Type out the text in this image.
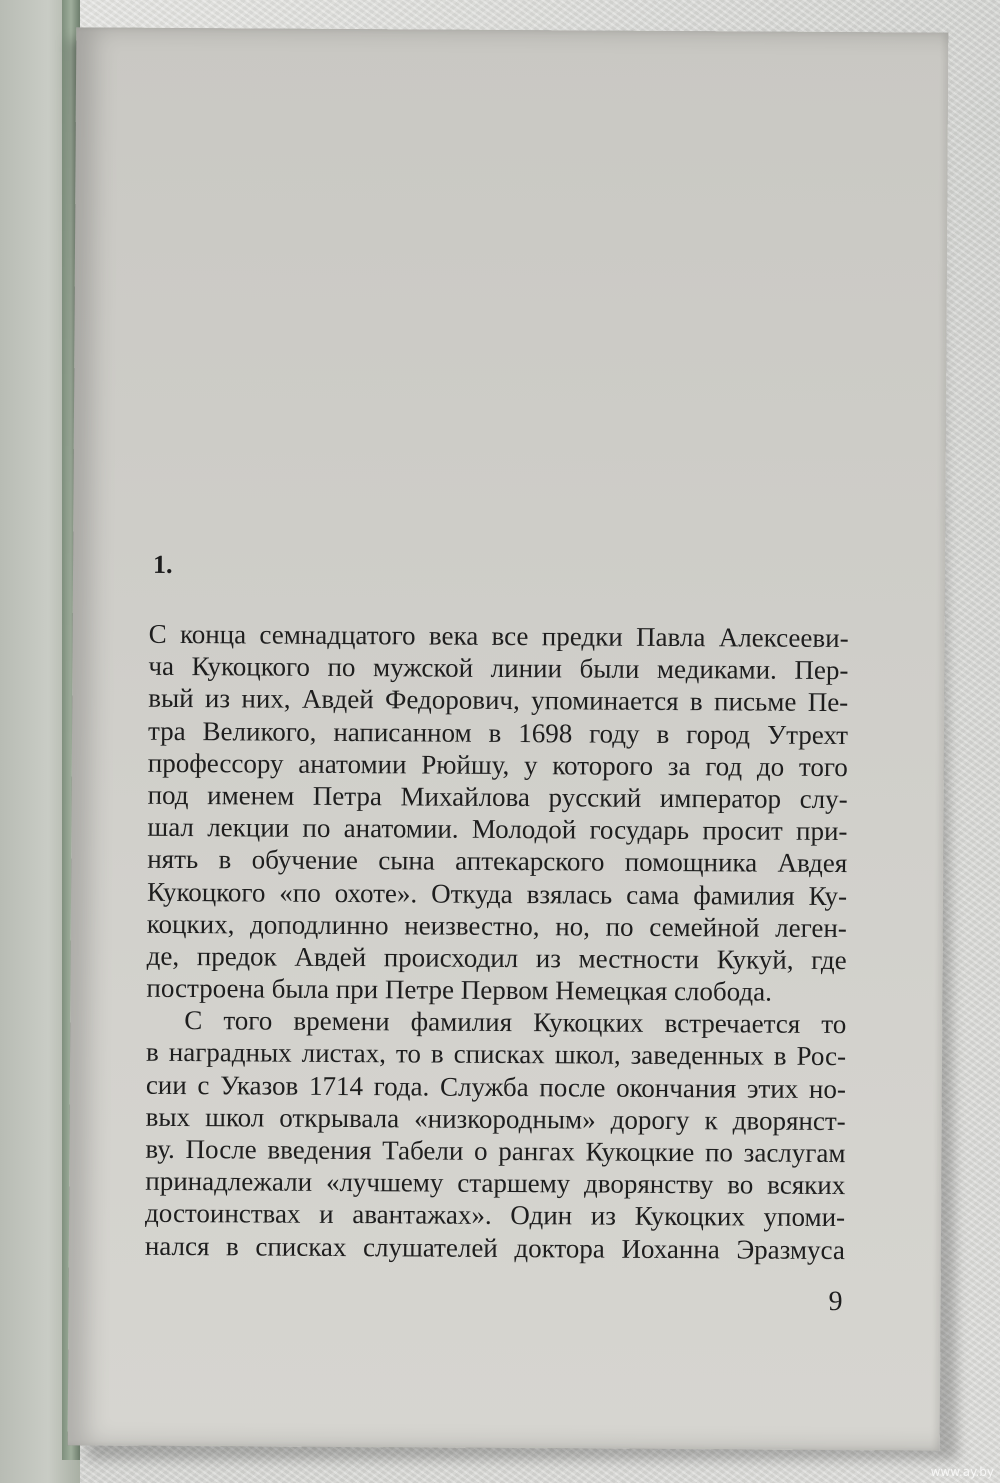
1.
С конца семнадцатого века все предки Павла Алексееви-
ча Кукоцкого по мужской линии были медиками. Пер-
вый из них, Авдей Федорович, упоминается в письме Пе-
тра Великого, написанном в 1698 году в город Утрехт
профессору анатомии Рюйшу, у которого за год до того
под именем Петра Михайлова русский император слу-
шал лекции по анатомии. Молодой государь просит при-
нять в обучение сына аптекарского помощника Авдея
Кукоцкого «по охоте». Откуда взялась сама фамилия Ку-
коцких, доподлинно неизвестно, но, по семейной леген-
де, предок Авдей происходил из местности Кукуй, где
построена была при Петре Первом Немецкая слобода.
С того времени фамилия Кукоцких встречается то
в наградных листах, то в списках школ, заведенных в Рос-
сии с Указов 1714 года. Служба после окончания этих но-
вых школ открывала «низкородным» дорогу к дворянст-
ву. После введения Табели о рангах Кукоцкие по заслугам
принадлежали «лучшему старшему дворянству во всяких
достоинствах и авантажах». Один из Кукоцких упоми-
нался в списках слушателей доктора Иоханна Эразмуса
9
www.ay.by
